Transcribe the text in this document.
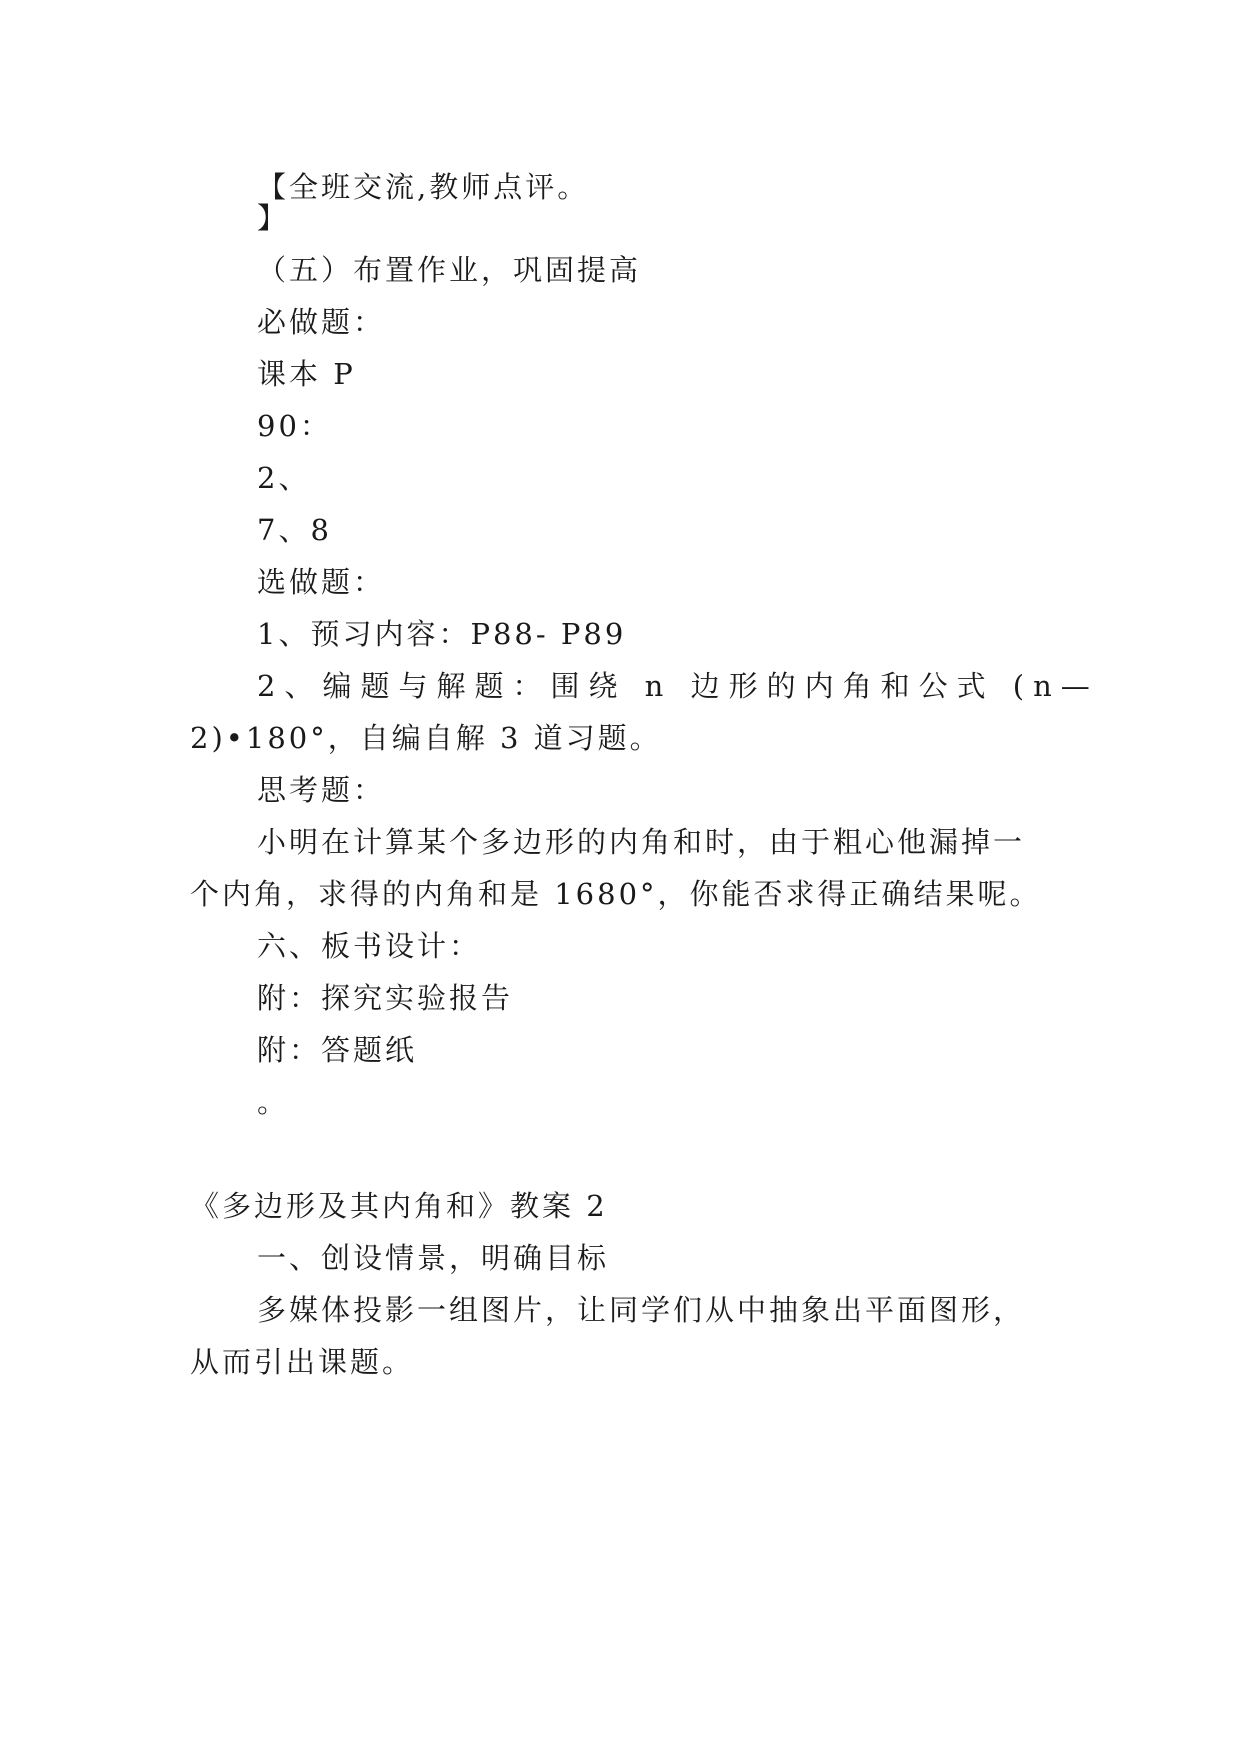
【全班交流,教师点评。
】
（五）布置作业，巩固提高
必做题：
课本 P
90：
2、
7、8
选做题：
1、预习内容：P88- P89
2、编题与解题：围绕 n 边形的内角和公式 (n—
2)•180°，自编自解 3 道习题。
思考题：
小明在计算某个多边形的内角和时，由于粗心他漏掉一
个内角，求得的内角和是 1680°，你能否求得正确结果呢。
六、板书设计：
附：探究实验报告
附：答题纸
。
《多边形及其内角和》教案 2
一、创设情景，明确目标
多媒体投影一组图片，让同学们从中抽象出平面图形，
从而引出课题。
